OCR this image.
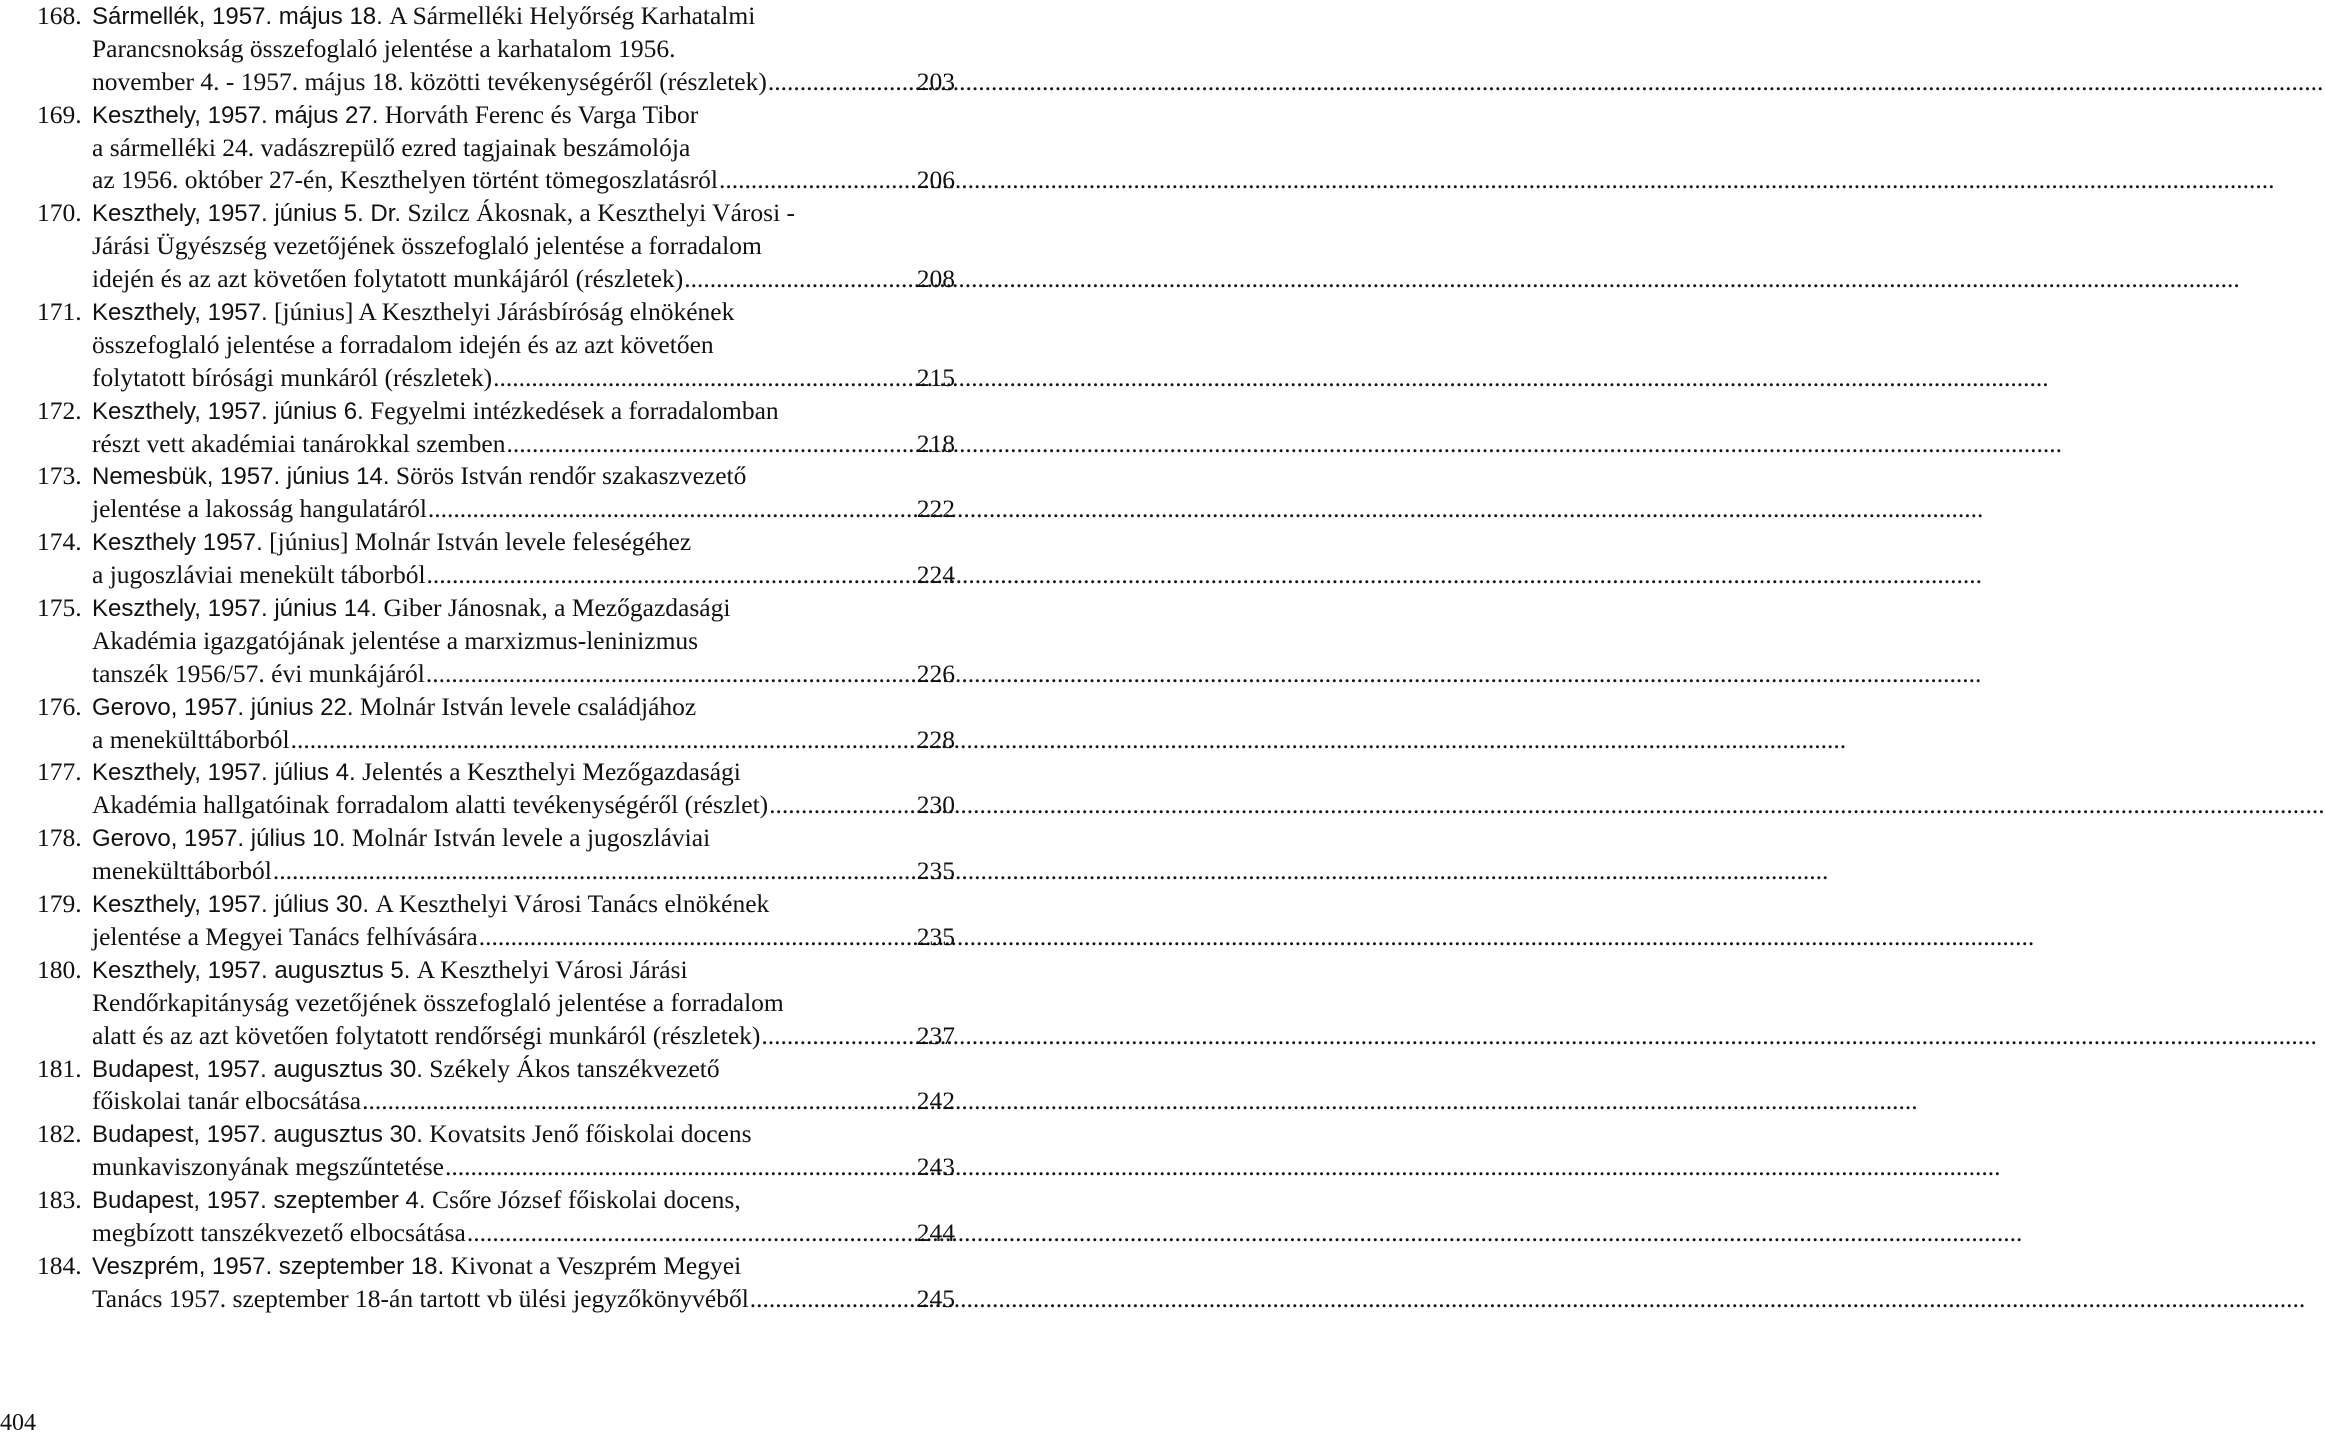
168. Sármellék, 1957. május 18.
A Sármelléki Helyőrség Karhatalmi
Parancsnokság összefoglaló jelentése a karhatalom 1956.
november 4. - 1957. május 18. közötti tevékenységéről (részletek) .....	203
169. Keszthely, 1957. május 27.
Horváth Ferenc és Varga Tibor
a sármelléki 24. vadászrepülő ezred tagjainak beszámolója
az 1956. október 27-én, Keszthelyen történt tömegoszlatásról .....	206
170. Keszthely, 1957. június 5. Dr.
Szilcz Ákosnak, a Keszthelyi Városi -
Járási Ügyészség vezetőjének összefoglaló jelentése a forradalom
idején és az azt követően folytatott munkájáról (részletek) .....	208
171. Keszthely, 1957.
[június] A Keszthelyi Járásbíróság elnökének
összefoglaló jelentése a forradalom idején és az azt követően
folytatott bírósági munkáról (részletek) .....	215
172. Keszthely, 1957. június 6.
Fegyelmi intézkedések a forradalomban
részt vett akadémiai tanárokkal szemben .....	218
173. Nemesbük, 1957. június 14.
Sörös István rendőr szakaszvezető
jelentése a lakosság hangulatáról .....	222
174. Keszthely 1957.
[június] Molnár István levele feleségéhez
a jugoszláviai menekült táborból .....	224
175. Keszthely, 1957. június 14.
Giber Jánosnak, a Mezőgazdasági
Akadémia igazgatójának jelentése a marxizmus-leninizmus
tanszék 1956/57. évi munkájáról .....	226
176. Gerovo, 1957. június 22.
Molnár István levele családjához
a menekülttáborból .....	228
177. Keszthely, 1957. július 4.
Jelentés a Keszthelyi Mezőgazdasági
Akadémia hallgatóinak forradalom alatti tevékenységéről (részlet) .....	230
178. Gerovo, 1957. július 10.
Molnár István levele a jugoszláviai
menekülttáborból .....	235
179. Keszthely, 1957. július 30.
A Keszthelyi Városi Tanács elnökének
jelentése a Megyei Tanács felhívására .....	235
180. Keszthely, 1957. augusztus 5.
A Keszthelyi Városi Járási
Rendőrkapitányság vezetőjének összefoglaló jelentése a forradalom
alatt és az azt követően folytatott rendőrségi munkáról (részletek) .....	237
181. Budapest, 1957. augusztus 30.
Székely Ákos tanszékvezető
főiskolai tanár elbocsátása .....	242
182. Budapest, 1957. augusztus 30.
Kovatsits Jenő főiskolai docens
munkaviszonyának megszűntetése .....	243
183. Budapest, 1957. szeptember 4.
Csőre József főiskolai docens,
megbízott tanszékvezető elbocsátása .....	244
184. Veszprém, 1957. szeptember 18.
Kivonat a Veszprém Megyei
Tanács 1957. szeptember 18-án tartott vb ülési jegyzőkönyvéből .....	245
404
